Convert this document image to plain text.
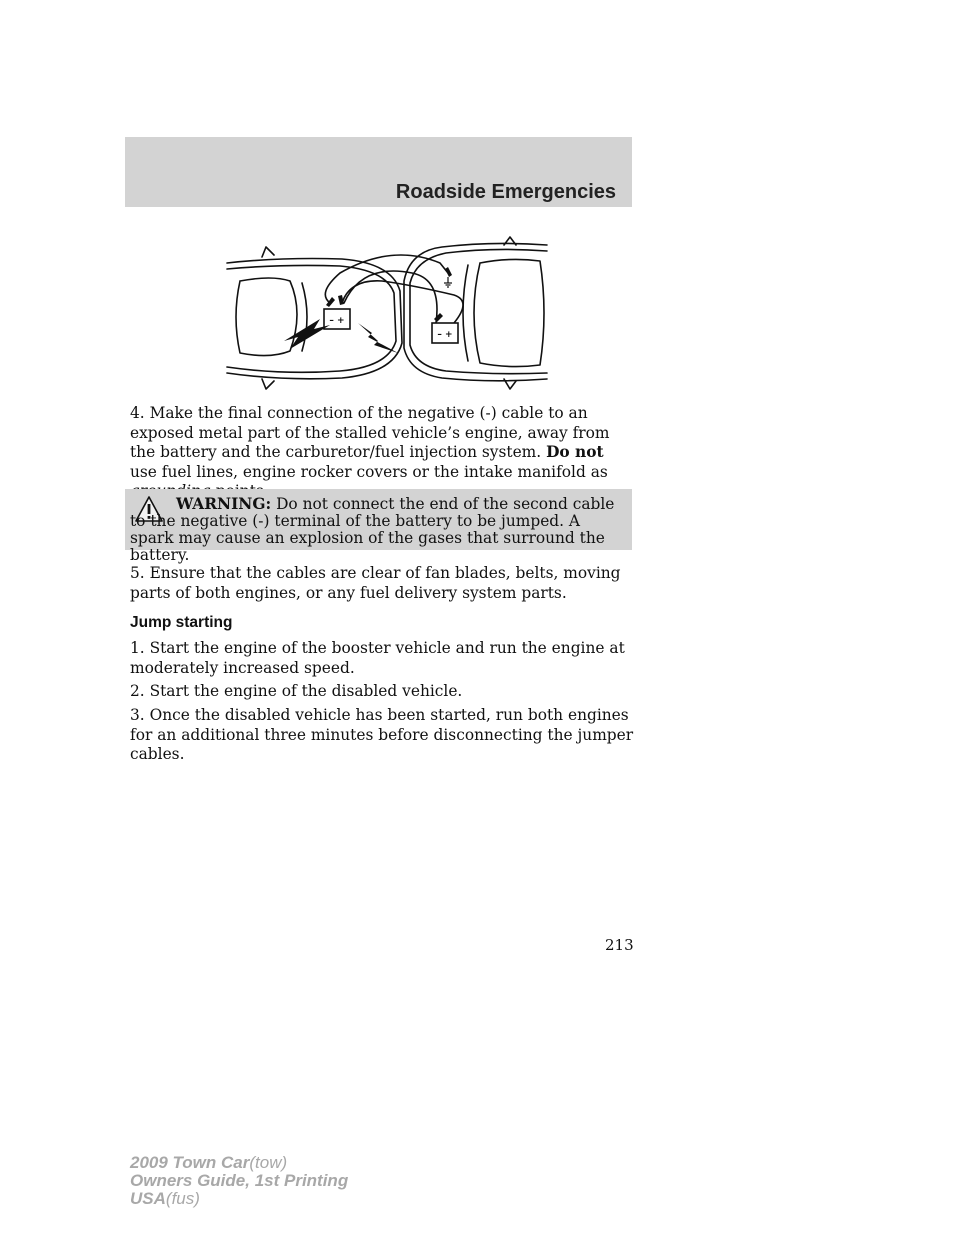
Roadside Emergencies
– +
– +

4. Make the final connection of the negative (-) cable to an exposed metal part of the stalled vehicle’s engine, away from the battery and the carburetor/fuel injection system. Do not use fuel lines, engine rocker covers or the intake manifold as

WARNING: Do not connect the end of the second cable to the negative (-) terminal of the battery to be jumped. A spark may cause an explosion of the gases that surround the battery.

5. Ensure that the cables are clear of fan blades, belts, moving parts of both engines, or any fuel delivery system parts.

Jump starting

1. Start the engine of the booster vehicle and run the engine at moderately increased speed.

2. Start the engine of the disabled vehicle.

3. Once the disabled vehicle has been started, run both engines for an additional three minutes before disconnecting the jumper cables.

213
2009 Town Car(tow)
Owners Guide, 1st Printing
USA(fus)
